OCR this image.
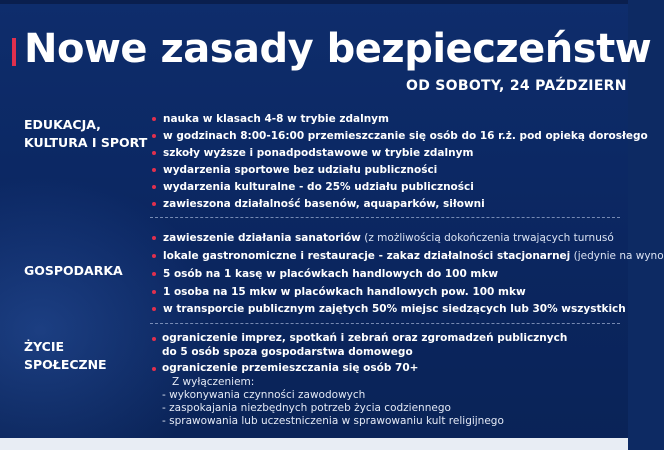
Nowe zasady bezpieczeństw
OD SOBOTY, 24 PAŹDZIERN
EDUKACJA,
KULTURA I SPORT
nauka w klasach 4-8 w trybie zdalnym
w godzinach 8:00-16:00 przemieszczanie się osób do 16 r.ż. pod opieką dorosłego
szkoły wyższe i ponadpodstawowe w trybie zdalnym
wydarzenia sportowe bez udziału publiczności
wydarzenia kulturalne - do 25% udziału publiczności
zawieszona działalność basenów, aquaparków, siłowni
GOSPODARKA
zawieszenie działania sanatoriów (z możliwością dokończenia trwających turnusó
lokale gastronomiczne i restauracje - zakaz działalności stacjonarnej (jedynie na wyno
5 osób na 1 kasę w placówkach handlowych do 100 mkw
1 osoba na 15 mkw w placówkach handlowych pow. 100 mkw
w transporcie publicznym zajętych 50% miejsc siedzących lub 30% wszystkich
ŻYCIE
SPOŁECZNE
ograniczenie imprez, spotkań i zebrań oraz zgromadzeń publicznych
do 5 osób spoza gospodarstwa domowego
ograniczenie przemieszczania się osób 70+
Z wyłączeniem:
- wykonywania czynności zawodowych
- zaspokajania niezbędnych potrzeb życia codziennego
- sprawowania lub uczestniczenia w sprawowaniu kult religijnego
